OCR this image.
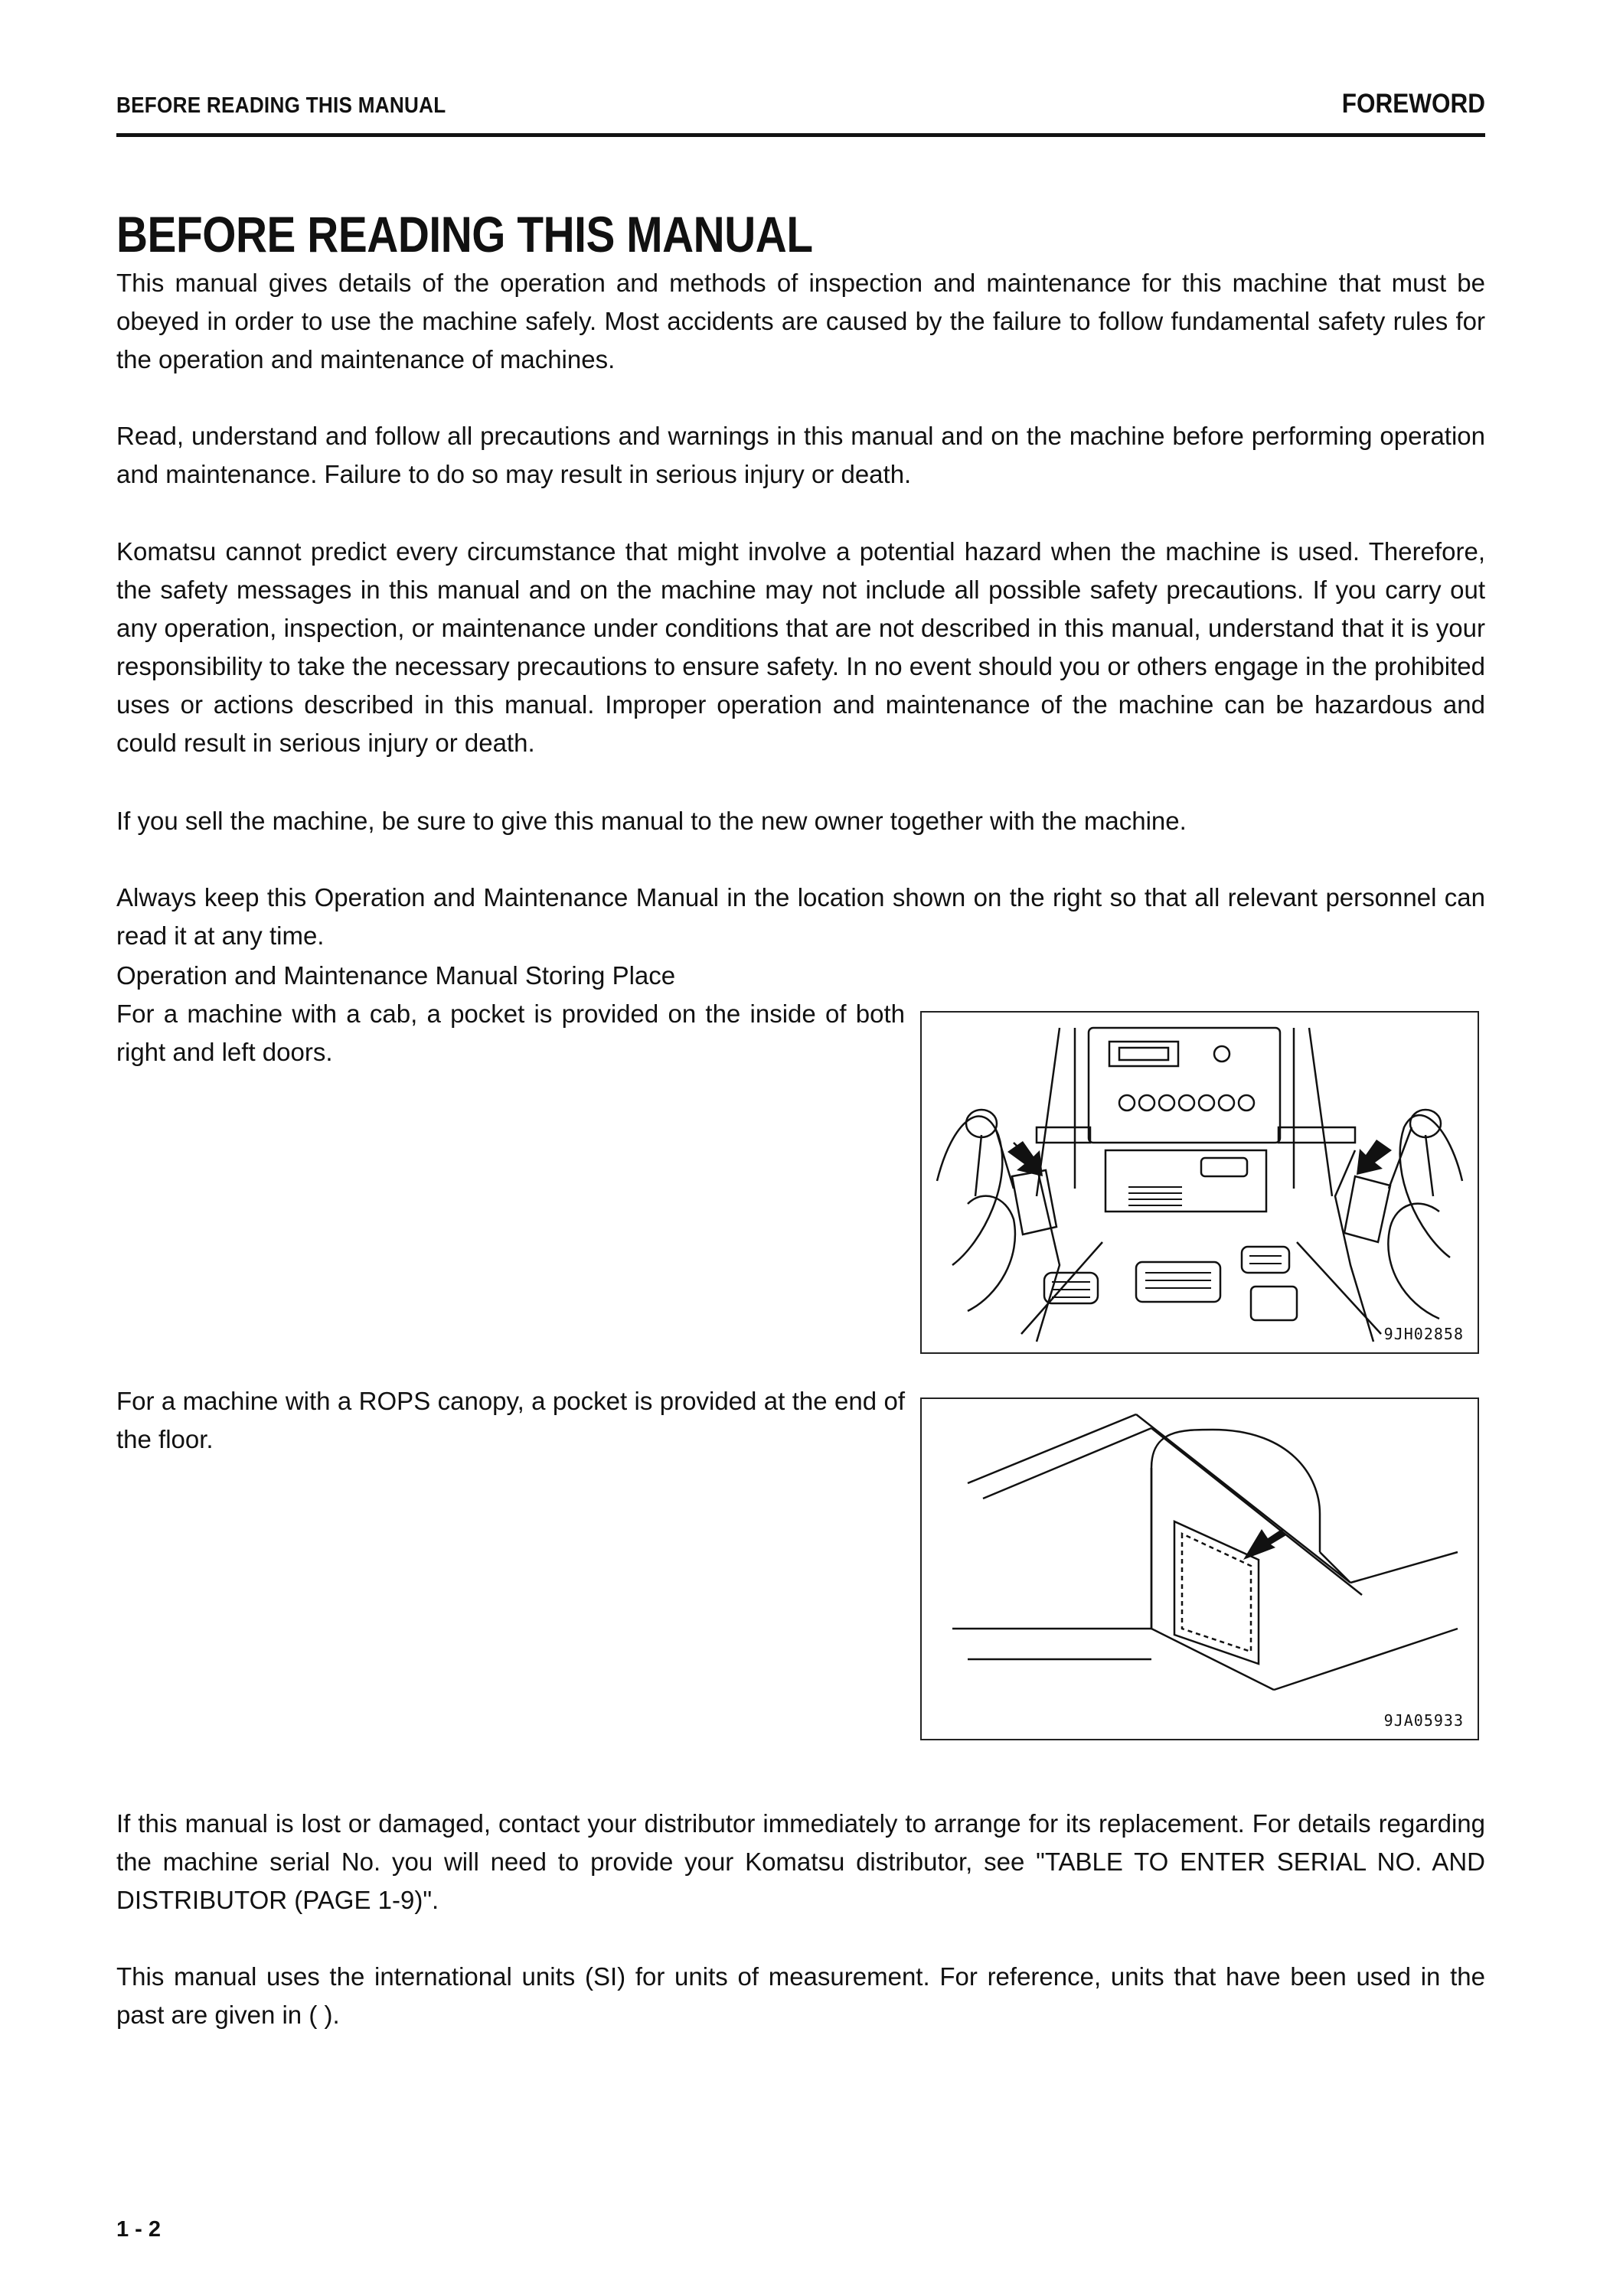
BEFORE READING THIS MANUAL	FOREWORD
BEFORE READING THIS MANUAL

This manual gives details of the operation and methods of inspection and maintenance for this machine that must be obeyed in order to use the machine safely. Most accidents are caused by the failure to follow fundamental safety rules for the operation and maintenance of machines.

Read, understand and follow all precautions and warnings in this manual and on the machine before performing operation and maintenance. Failure to do so may result in serious injury or death.

Komatsu cannot predict every circumstance that might involve a potential hazard when the machine is used. Therefore, the safety messages in this manual and on the machine may not include all possible safety precautions. If you carry out any operation, inspection, or maintenance under conditions that are not described in this manual, understand that it is your responsibility to take the necessary precautions to ensure safety. In no event should you or others engage in the prohibited uses or actions described in this manual. Improper operation and maintenance of the machine can be hazardous and could result in serious injury or death.

If you sell the machine, be sure to give this manual to the new owner together with the machine.

Always keep this Operation and Maintenance Manual in the location shown on the right so that all relevant personnel can read it at any time.

Operation and Maintenance Manual Storing Place

For a machine with a cab, a pocket is provided on the inside of both right and left doors.

For a machine with a ROPS canopy, a pocket is provided at the end of the floor.

If this manual is lost or damaged, contact your distributor immediately to arrange for its replacement. For details regarding the machine serial No. you will need to provide your Komatsu distributor, see "TABLE TO ENTER SERIAL NO. AND DISTRIBUTOR (PAGE 1-9)".

This manual uses the international units (SI) for units of measurement. For reference, units that have been used in the past are given in ( ).

9JH02858
9JA05933
1 - 2
